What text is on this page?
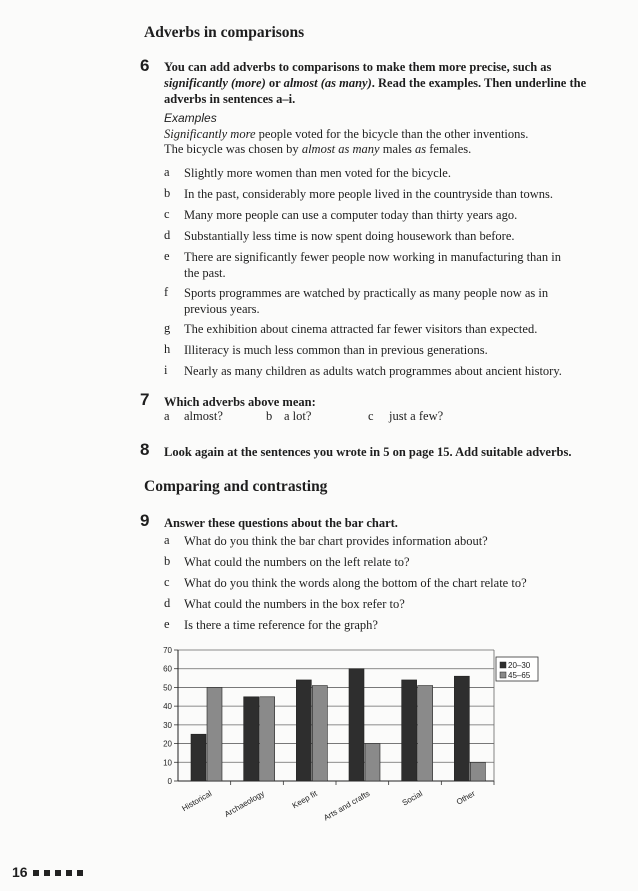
Adverbs in comparisons
6 You can add adverbs to comparisons to make them more precise, such as
significantly (more) or almost (as many). Read the examples. Then underline the
adverbs in sentences a–i.
Examples
Significantly more people voted for the bicycle than the other inventions.
The bicycle was chosen by almost as many males as females.
a Slightly more women than men voted for the bicycle.
b In the past, considerably more people lived in the countryside than towns.
c Many more people can use a computer today than thirty years ago.
d Substantially less time is now spent doing housework than before.
e There are significantly fewer people now working in manufacturing than in
the past.
f Sports programmes are watched by practically as many people now as in
previous years.
g The exhibition about cinema attracted far fewer visitors than expected.
h Illiteracy is much less common than in previous generations.
i Nearly as many children as adults watch programmes about ancient history.
7 Which adverbs above mean:
a almost?	b a lot?	c just a few?
8 Look again at the sentences you wrote in 5 on page 15. Add suitable adverbs.
Comparing and contrasting
9 Answer these questions about the bar chart.
a What do you think the bar chart provides information about?
b What could the numbers on the left relate to?
c What do you think the words along the bottom of the chart relate to?
d What could the numbers in the box refer to?
e Is there a time reference for the graph?
0
10
20
30
40
50
60
70
Historical Archaeology	Keep fit Arts and crafts	Social	Other
20–30
45–65
16
